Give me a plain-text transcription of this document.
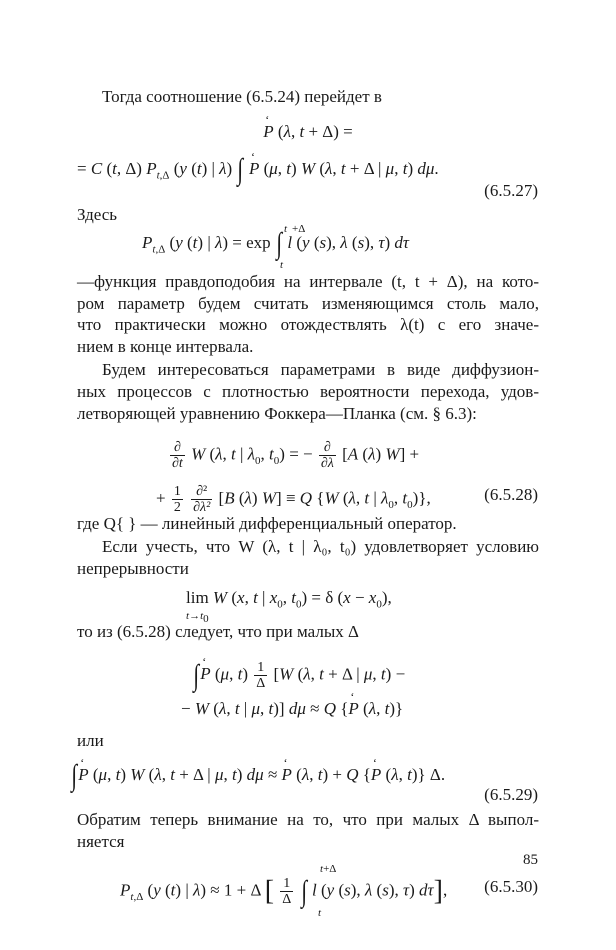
Тогда соотношение (6.5.24) перейдет в
‘ P (λ, t + Δ) =
= C (t, Δ) $P_{t,\Delta}$ (y (t) | λ) ∫ ‘ P (μ, t) W (λ, t + Δ | μ, t) dμ.
(6.5.27)
Здесь
t +Δ
$P_{t,\Delta}$ (y (t) | λ) = exp ∫ l (y (s), λ (s), τ) dτ
t
—функция правдоподобия на интервале (t, t + Δ), на кото-
ром параметр будем считать изменяющимся столь мало,
что практически можно отождествлять λ(t) с его значе-
нием в конце интервала.
Будем интересоваться параметрами в виде диффузион-
ных процессов с плотностью вероятности перехода, удов-
летворяющей уравнению Фоккера—Планка (см. § 6.3):
$\frac{\partial}{\partial t}$ W (λ, t | $\lambda_0$, $t_0$) = − $\frac{\partial}{\partial\lambda} [A$ (λ) W] +
+ $\frac{1}{2}$
$\frac{\text{∂²}}{\text{∂λ²}} [B$ (λ) W] ≡ Q {W (λ, t | $\lambda_0$, $t_0$)},	(6.5.28)
где Q{ } — линейный дифференциальный оператор.
Если учесть, что W (λ, t | λ₀, t₀) удовлетворяет условию
непрерывности
lim W (x, t | $x_0$, $t_0) = \delta$ $(x - x_0)$,
$t\to t_0$
то из (6.5.28) следует, что при малых Δ
∫‘ P (μ, $t) \frac{1}{\Delta} [W$ (λ, t + Δ | μ, t) −
− W (λ, t | μ, t)] dμ ≈ Q {‘ P (λ, t)}
или
∫‘ P (μ, t) W (λ, t + Δ | μ, t) dμ ≈ ‘ P (λ, t) + Q {‘ P (λ, t)} Δ.
(6.5.29)
Обратим теперь внимание на то, что при малых Δ выпол-
няется
$P_{t,\Delta}$ (y (t) | λ) ≈ 1 + Δ [ $\frac{1}{\Delta}$ ∫ l (y (s), λ (s), τ) dτ],
t+Δ
t
(6.5.30)
85
